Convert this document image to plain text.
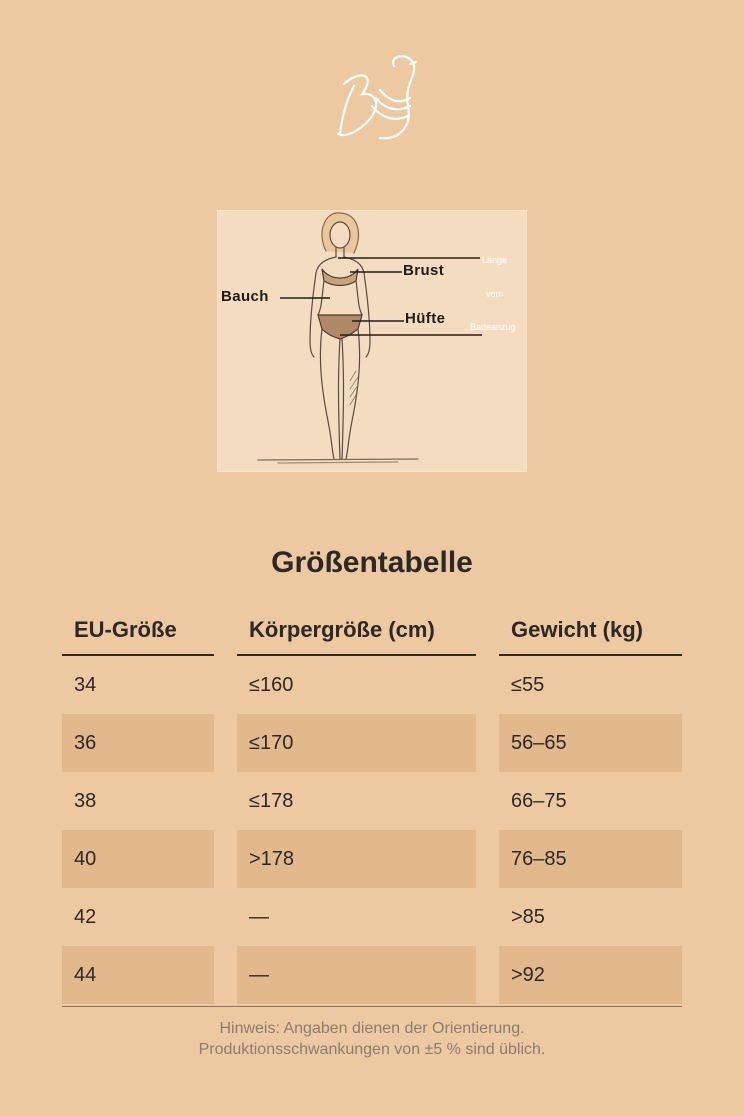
Brust
Bauch
Hüfte
Länge
vom
Badeanzug
Größentabelle
EU-Größe
34
36
38
40
42
44
Körpergröße (cm)
≤160
≤170
≤178
>178
—
—
Gewicht (kg)
≤55
56–65
66–75
76–85
>85
>92
Hinweis: Angaben dienen der Orientierung.
Produktionsschwankungen von ±5 % sind üblich.
